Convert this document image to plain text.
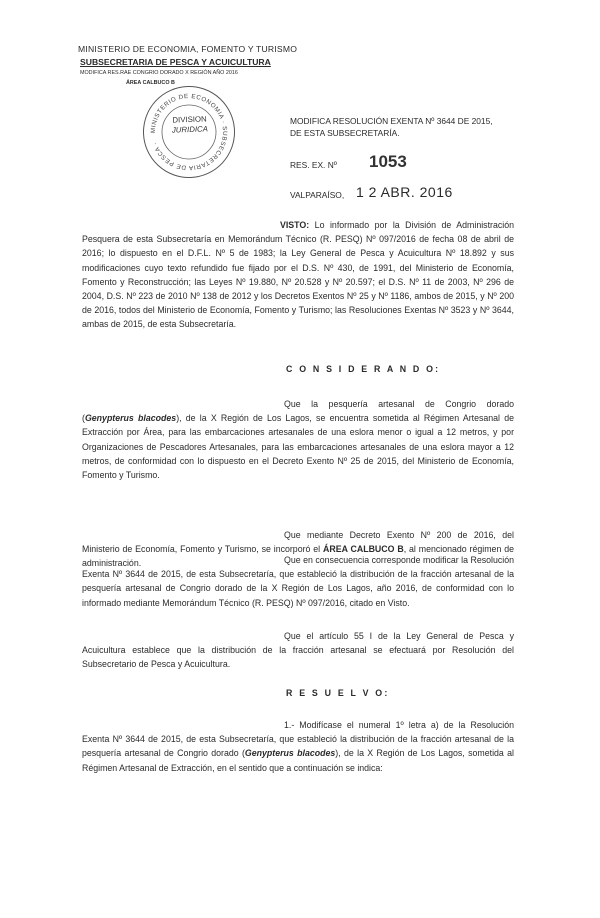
MINISTERIO DE ECONOMIA, FOMENTO Y TURISMO
SUBSECRETARIA DE PESCA Y ACUICULTURA
MODIFICA RES.RAE CONGRIO DORADO X REGIÓN AÑO 2016
ÁREA CALBUCO B
MINISTERIO DE ECONOMIA · SUBSECRETARIA DE PESCA ·
DIVISION
JURIDICA
MODIFICA RESOLUCIÓN EXENTA Nº 3644 DE 2015,
DE ESTA SUBSECRETARÍA.
RES. EX. Nº 1053
VALPARAÍSO, 1 2 ABR. 2016
VISTO: Lo informado por la División de Administración Pesquera de esta Subsecretaría en Memorándum Técnico (R. PESQ) Nº 097/2016 de fecha 08 de abril de 2016; lo dispuesto en el D.F.L. Nº 5 de 1983; la Ley General de Pesca y Acuicultura Nº 18.892 y sus modificaciones cuyo texto refundido fue fijado por el D.S. Nº 430, de 1991, del Ministerio de Economía, Fomento y Reconstrucción; las Leyes Nº 19.880, Nº 20.528 y Nº 20.597; el D.S. Nº 11 de 2003, Nº 296 de 2004, D.S. Nº 223 de 2010 Nº 138 de 2012 y los Decretos Exentos Nº 25 y Nº 1186, ambos de 2015, y Nº 200 de 2016, todos del Ministerio de Economía, Fomento y Turismo; las Resoluciones Exentas Nº 3523 y Nº 3644, ambas de 2015, de esta Subsecretaría.
C O N S I D E R A N D O:
Que la pesquería artesanal de Congrio dorado (Genypterus blacodes), de la X Región de Los Lagos, se encuentra sometida al Régimen Artesanal de Extracción por Área, para las embarcaciones artesanales de una eslora menor o igual a 12 metros, y por Organizaciones de Pescadores Artesanales, para las embarcaciones artesanales de una eslora mayor a 12 metros, de conformidad con lo dispuesto en el Decreto Exento Nº 25 de 2015, del Ministerio de Economía, Fomento y Turismo.
Que mediante Decreto Exento Nº 200 de 2016, del Ministerio de Economía, Fomento y Turismo, se incorporó el ÁREA CALBUCO B, al mencionado régimen de administración.	Que en consecuencia corresponde modificar la Resolución Exenta Nº 3644 de 2015, de esta Subsecretaría, que estableció la distribución de la fracción artesanal de la pesquería artesanal de Congrio dorado de la X Región de Los Lagos, año 2016, de conformidad con lo informado mediante Memorándum Técnico (R. PESQ) Nº 097/2016, citado en Visto.
Que el artículo 55 I de la Ley General de Pesca y Acuicultura establece que la distribución de la fracción artesanal se efectuará por Resolución del Subsecretario de Pesca y Acuicultura.
R E S U E L V O:
1.- Modifícase el numeral 1º letra a) de la Resolución Exenta Nº 3644 de 2015, de esta Subsecretaría, que estableció la distribución de la fracción artesanal de la pesquería artesanal de Congrio dorado (Genypterus blacodes), de la X Región de Los Lagos, sometida al Régimen Artesanal de Extracción, en el sentido que a continuación se indica:
